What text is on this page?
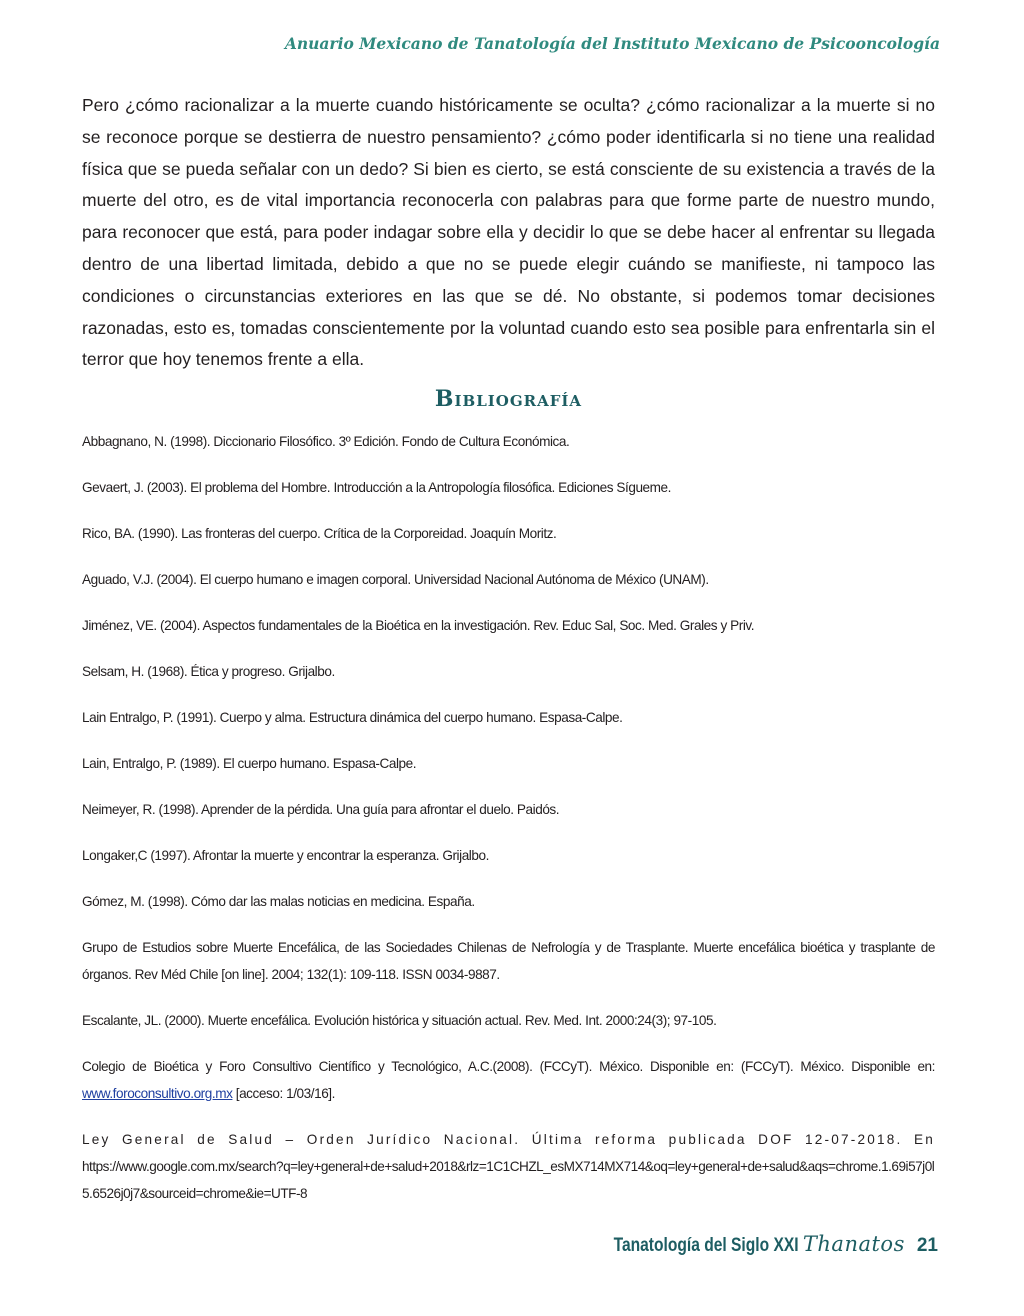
Anuario Mexicano de Tanatología del Instituto Mexicano de Psicooncología

Pero ¿cómo racionalizar a la muerte cuando históricamente se oculta? ¿cómo racionalizar a la muerte si no se reconoce porque se destierra de nuestro pensamiento? ¿cómo poder identificarla si no tiene una realidad física que se pueda señalar con un dedo? Si bien es cierto, se está consciente de su existencia a través de la muerte del otro, es de vital importancia reconocerla con palabras para que forme parte de nuestro mundo, para reconocer que está, para poder indagar sobre ella y decidir lo que se debe hacer al enfrentar su llegada dentro de una libertad limitada, debido a que no se puede elegir cuándo se manifieste, ni tampoco las condiciones o circunstancias exteriores en las que se dé. No obstante, si podemos tomar decisiones razonadas, esto es, tomadas conscientemente por la voluntad cuando esto sea posible para enfrentarla sin el terror que hoy tenemos frente a ella.

Bibliografía
Abbagnano, N. (1998). Diccionario Filosófico. 3º Edición. Fondo de Cultura Económica.
Gevaert, J. (2003). El problema del Hombre. Introducción a la Antropología filosófica. Ediciones Sígueme.
Rico, BA. (1990). Las fronteras del cuerpo. Crítica de la Corporeidad. Joaquín Moritz.
Aguado, V.J. (2004). El cuerpo humano e imagen corporal. Universidad Nacional Autónoma de México (UNAM).
Jiménez, VE. (2004). Aspectos fundamentales de la Bioética en la investigación. Rev. Educ Sal, Soc. Med. Grales y Priv.
Selsam, H. (1968). Ética y progreso. Grijalbo.
Lain Entralgo, P. (1991). Cuerpo y alma. Estructura dinámica del cuerpo humano. Espasa-Calpe.
Lain, Entralgo, P. (1989). El cuerpo humano. Espasa-Calpe.
Neimeyer, R. (1998). Aprender de la pérdida. Una guía para afrontar el duelo. Paidós.
Longaker,C (1997). Afrontar la muerte y encontrar la esperanza. Grijalbo.
Gómez, M. (1998). Cómo dar las malas noticias en medicina. España.
Grupo de Estudios sobre Muerte Encefálica, de las Sociedades Chilenas de Nefrología y de Trasplante. Muerte encefálica bioética y trasplante de órganos. Rev Méd Chile [on line]. 2004; 132(1): 109-118. ISSN 0034-9887.
Escalante, JL. (2000). Muerte encefálica. Evolución histórica y situación actual. Rev. Med. Int. 2000:24(3); 97-105.
Colegio de Bioética y Foro Consultivo Científico y Tecnológico, A.C.(2008). (FCCyT). México. Disponible en: (FCCyT). México. Disponible en: www.foroconsultivo.org.mx [acceso: 1/03/16].
Ley General de Salud – Orden Jurídico Nacional. Última reforma publicada DOF 12-07-2018. En
https://www.google.com.mx/search?q=ley+general+de+salud+2018&rlz=1C1CHZL_esMX714MX714&oq=ley+general+de+salud&aqs=chrome.1.69i57j0l5.6526j0j7&sourceid=chrome&ie=UTF-8
Tanatología del Siglo XXI Thanatos 21
